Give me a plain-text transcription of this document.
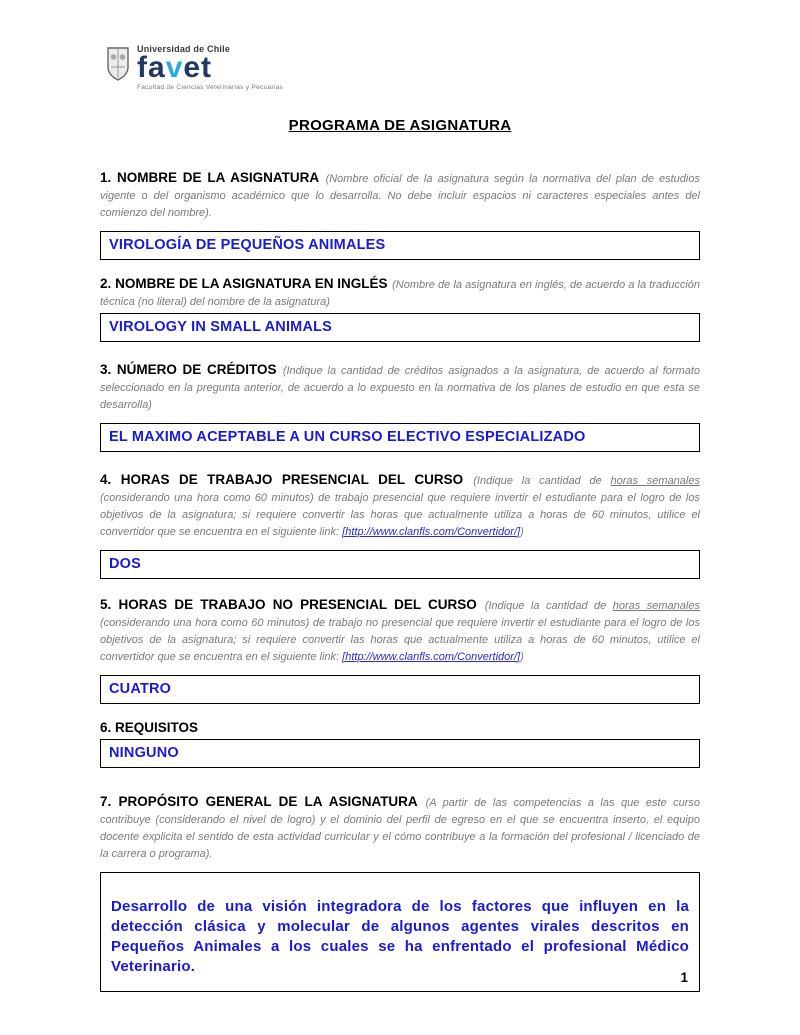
Universidad de Chile
favet
Facultad de Ciencias Veterinarias y Pecuarias
PROGRAMA DE ASIGNATURA

1. NOMBRE DE LA ASIGNATURA (Nombre oficial de la asignatura según la normativa del plan de estudios vigente o del organismo académico que lo desarrolla. No debe incluir espacios ni caracteres especiales antes del comienzo del nombre).

VIROLOGÍA DE PEQUEÑOS ANIMALES

2. NOMBRE DE LA ASIGNATURA EN INGLÉS (Nombre de la asignatura en inglés, de acuerdo a la traducción técnica (no literal) del nombre de la asignatura)

VIROLOGY IN SMALL ANIMALS

3. NÚMERO DE CRÉDITOS (Indique la cantidad de créditos asignados a la asignatura, de acuerdo al formato seleccionado en la pregunta anterior, de acuerdo a lo expuesto en la normativa de los planes de estudio en que esta se desarrolla)

EL MAXIMO ACEPTABLE A UN CURSO ELECTIVO ESPECIALIZADO

4. HORAS DE TRABAJO PRESENCIAL DEL CURSO (Indique la cantidad de horas semanales (considerando una hora como 60 minutos) de trabajo presencial que requiere invertir el estudiante para el logro de los objetivos de la asignatura; si requiere convertir las horas que actualmente utiliza a horas de 60 minutos, utilice el convertidor que se encuentra en el siguiente link: [http://www.clanfls.com/Convertidor/])

DOS

5. HORAS DE TRABAJO NO PRESENCIAL DEL CURSO (Indique la cantidad de horas semanales (considerando una hora como 60 minutos) de trabajo no presencial que requiere invertir el estudiante para el logro de los objetivos de la asignatura; si requiere convertir las horas que actualmente utiliza a horas de 60 minutos, utilice el convertidor que se encuentra en el siguiente link: [http://www.clanfls.com/Convertidor/])

CUATRO

6. REQUISITOS

NINGUNO

7. PROPÓSITO GENERAL DE LA ASIGNATURA (A partir de las competencias a las que este curso contribuye (considerando el nivel de logro) y el dominio del perfil de egreso en el que se encuentra inserto, el equipo docente explicita el sentido de esta actividad curricular y el cómo contribuye a la formación del profesional / licenciado de la carrera o programa).

Desarrollo de una visión integradora de los factores que influyen en la detección clásica y molecular de algunos agentes virales descritos en Pequeños Animales a los cuales se ha enfrentado el profesional Médico Veterinario.
1
